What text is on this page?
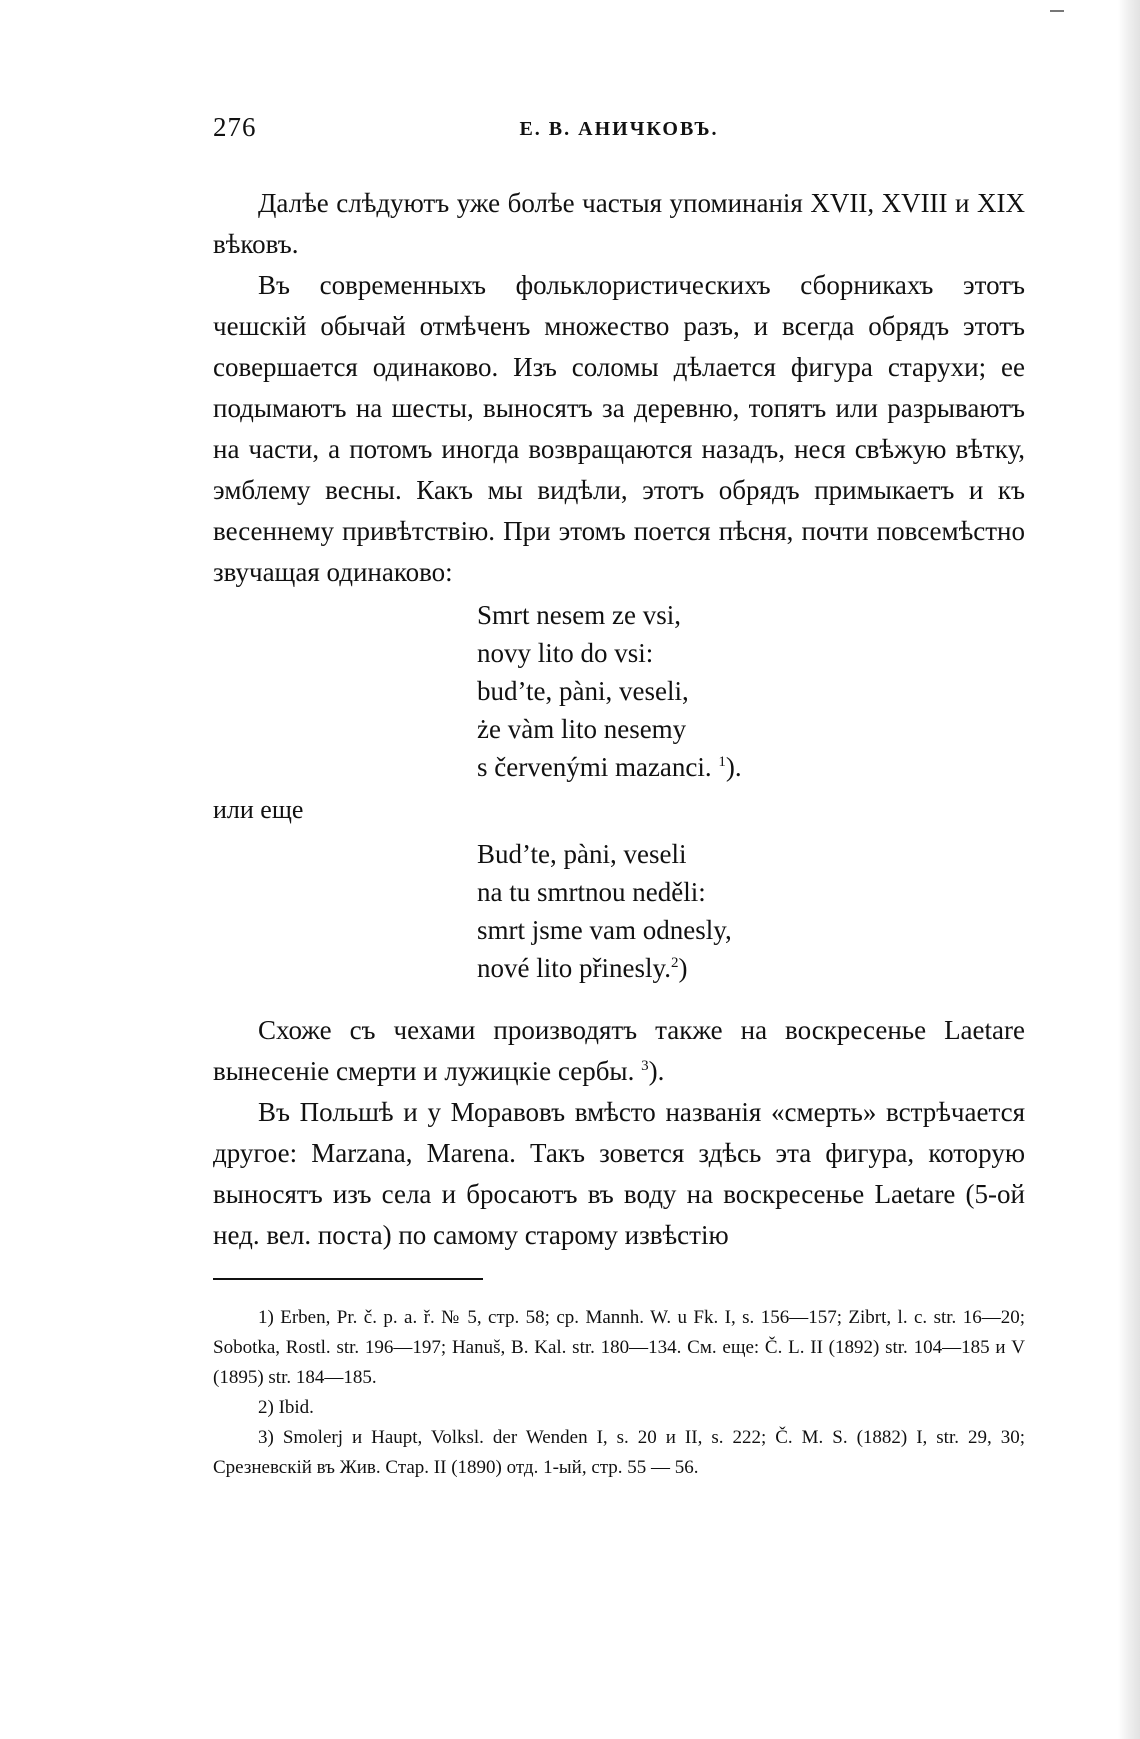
276	Е. В. АНИЧКОВЪ.

Далѣе слѣдуютъ уже болѣе частыя упоминанія XVII, XVIII и XIX вѣковъ.

Въ современныхъ фольклористическихъ сборникахъ этотъ чешскій обычай отмѣченъ множество разъ, и всегда обрядъ этотъ совершается одинаково. Изъ соломы дѣлается фигура старухи; ее подымаютъ на шесты, выносятъ за деревню, топятъ или разрываютъ на части, а потомъ иногда возвращаются назадъ, неся свѣжую вѣтку, эмблему весны. Какъ мы видѣли, этотъ обрядъ примыкаетъ и къ весеннему привѣтствію. При этомъ поется пѣсня, почти повсемѣстно звучащая одинаково:

Smrt nesem ze vsi,
novy lito do vsi:
bud’te, pàni, veseli,
że vàm lito nesemy
s červenými mazanci. $^1$).
или еще
Bud’te, pàni, veseli
na tu smrtnou neděli:
smrt jsme vam odnesly,
nové lito přinesly.$^2$)

Схоже съ чехами производятъ также на воскресенье Laetare вынесеніе смерти и лужицкіе сербы. $^3$).

Въ Польшѣ и у Моравовъ вмѣсто названія «смерть» встрѣчается другое: Marzana, Marena. Такъ зовется здѣсь эта фигура, которую выносятъ изъ села и бросаютъ въ воду на воскресенье Laetare (5-ой нед. вел. поста) по самому старому извѣстію

1) Erben, Pr. č. p. a. ř. № 5, стр. 58; ср. Mannh. W. u Fk. I, s. 156—157; Zibrt, l. c. str. 16—20; Sobotka, Rostl. str. 196—197; Hanuš, B. Kal. str. 180—134. См. еще: Č. L. II (1892) str. 104—185 и V (1895) str. 184—185.

2) Ibid.

3) Smolerj и Haupt, Volksl. der Wenden I, s. 20 и II, s. 222; Č. M. S. (1882) I, str. 29, 30; Срезневскій въ Жив. Стар. II (1890) отд. 1-ый, стр. 55 — 56.
